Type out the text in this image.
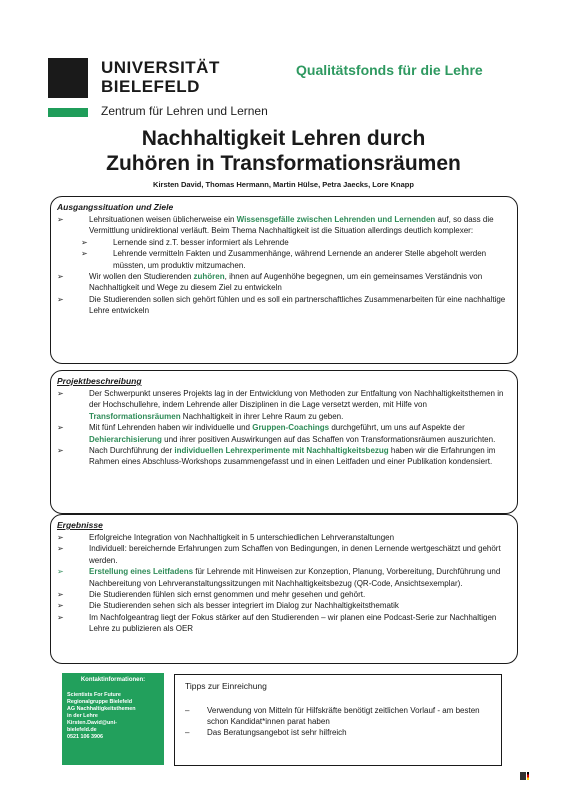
UNIVERSITÄT
BIELEFELD
Qualitätsfonds für die Lehre
Zentrum für Lehren und Lernen
Nachhaltigkeit Lehren durch
Zuhören in Transformationsräumen
Kirsten David, Thomas Hermann, Martin Hülse, Petra Jaecks, Lore Knapp
Ausgangssituation und Ziele
➢	Lehrsituationen weisen üblicherweise ein Wissensgefälle zwischen Lehrenden und Lernenden auf, so dass die Vermittlung unidirektional verläuft. Beim Thema Nachhaltigkeit ist die Situation allerdings deutlich komplexer:
➢	Lernende sind z.T. besser informiert als Lehrende
➢	Lehrende vermitteln Fakten und Zusammenhänge, während Lernende an anderer Stelle abgeholt werden müssten, um produktiv mitzumachen.
➢	Wir wollen den Studierenden zuhören, ihnen auf Augenhöhe begegnen, um ein gemeinsames Verständnis von Nachhaltigkeit und Wege zu diesem Ziel zu entwickeln
➢	Die Studierenden sollen sich gehört fühlen und es soll ein partnerschaftliches Zusammenarbeiten für eine nachhaltige Lehre entwickeln
Projektbeschreibung
➢	Der Schwerpunkt unseres Projekts lag in der Entwicklung von Methoden zur Entfaltung von Nachhaltigkeitsthemen in der Hochschullehre, indem Lehrende aller Disziplinen in die Lage versetzt werden, mit Hilfe von Transformationsräumen Nachhaltigkeit in ihrer Lehre Raum zu geben.
➢	Mit fünf Lehrenden haben wir individuelle und Gruppen-Coachings durchgeführt, um uns auf Aspekte der Dehierarchisierung und ihrer positiven Auswirkungen auf das Schaffen von Transformationsräumen auszurichten.
➢	Nach Durchführung der individuellen Lehrexperimente mit Nachhaltigkeitsbezug haben wir die Erfahrungen im Rahmen eines Abschluss-Workshops zusammengefasst und in einen Leitfaden und einer Publikation kondensiert.
Ergebnisse
➢	Erfolgreiche Integration von Nachhaltigkeit in 5 unterschiedlichen Lehrveranstaltungen
➢	Individuell: bereichernde Erfahrungen zum Schaffen von Bedingungen, in denen Lernende wertgeschätzt und gehört werden.
➢	Erstellung eines Leitfadens für Lehrende mit Hinweisen zur Konzeption, Planung, Vorbereitung, Durchführung und Nachbereitung von Lehrveranstaltungssitzungen mit Nachhaltigkeitsbezug (QR-Code, Ansichtsexemplar).
➢	Die Studierenden fühlen sich ernst genommen und mehr gesehen und gehört.
➢	Die Studierenden sehen sich als besser integriert im Dialog zur Nachhaltigkeitsthematik
➢	Im Nachfolgeantrag liegt der Fokus stärker auf den Studierenden – wir planen eine Podcast-Serie zur Nachhaltigen Lehre zu publizieren als OER
Kontaktinformationen:
Scientists For Future
Regionalgruppe Bielefeld
AG Nachhaltigkeitsthemen
in der Lehre
Kirsten.David@uni-
bielefeld.de
0521 106 3906
Tipps zur Einreichung
– Verwendung von Mitteln für Hilfskräfte benötigt zeitlichen Vorlauf - am besten schon Kandidat*innen parat haben
– Das Beratungsangebot ist sehr hilfreich
